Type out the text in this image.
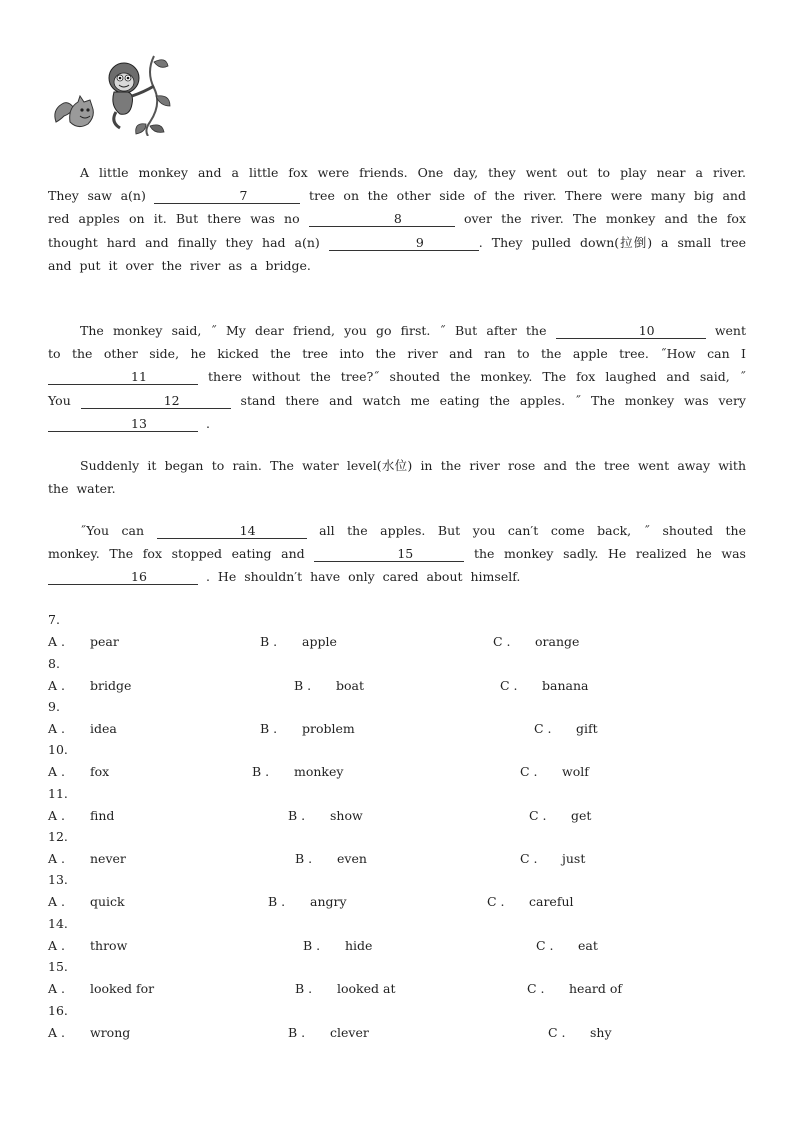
A little monkey and a little fox were friends. One day, they went out to play near a river. They saw a(n)	7	tree on the other side of the river. There were many big and red apples on it. But there was no	8	over the river. The monkey and the fox thought hard and finally they had a(n)	9	. They pulled down(拉倒) a small tree and put it over the river as a bridge.

The monkey said, ˝ My dear friend, you go first. ˝ But after the	10	went to the other side, he kicked the tree into the river and ran to the apple tree. ˝How can I 11	there without the tree?˝ shouted the monkey. The fox laughed and said, ˝ You	12	stand there and watch me eating the apples. ˝ The monkey was very 13	.

Suddenly it began to rain. The water level(水位) in the river rose and the tree went away with the water.

˝You can	14	all the apples. But you can′t come back, ˝ shouted the monkey. The fox stopped eating and	15	the monkey sadly. He realized he was 16	. He shouldn′t have only cared about himself.

7.
A . pear	B . apple	C . orange
8.
A . bridge	B . boat	C . banana
9.
A . idea	B . problem	C . gift
10.
A . fox	B . monkey	C . wolf
11.
A . find	B . show	C . get
12.
A . never	B . even	C . just
13.
A . quick	B . angry	C . careful
14.
A . throw	B . hide	C . eat
15.
A . looked for	B . looked at	C . heard of
16.
A . wrong	B . clever	C . shy
